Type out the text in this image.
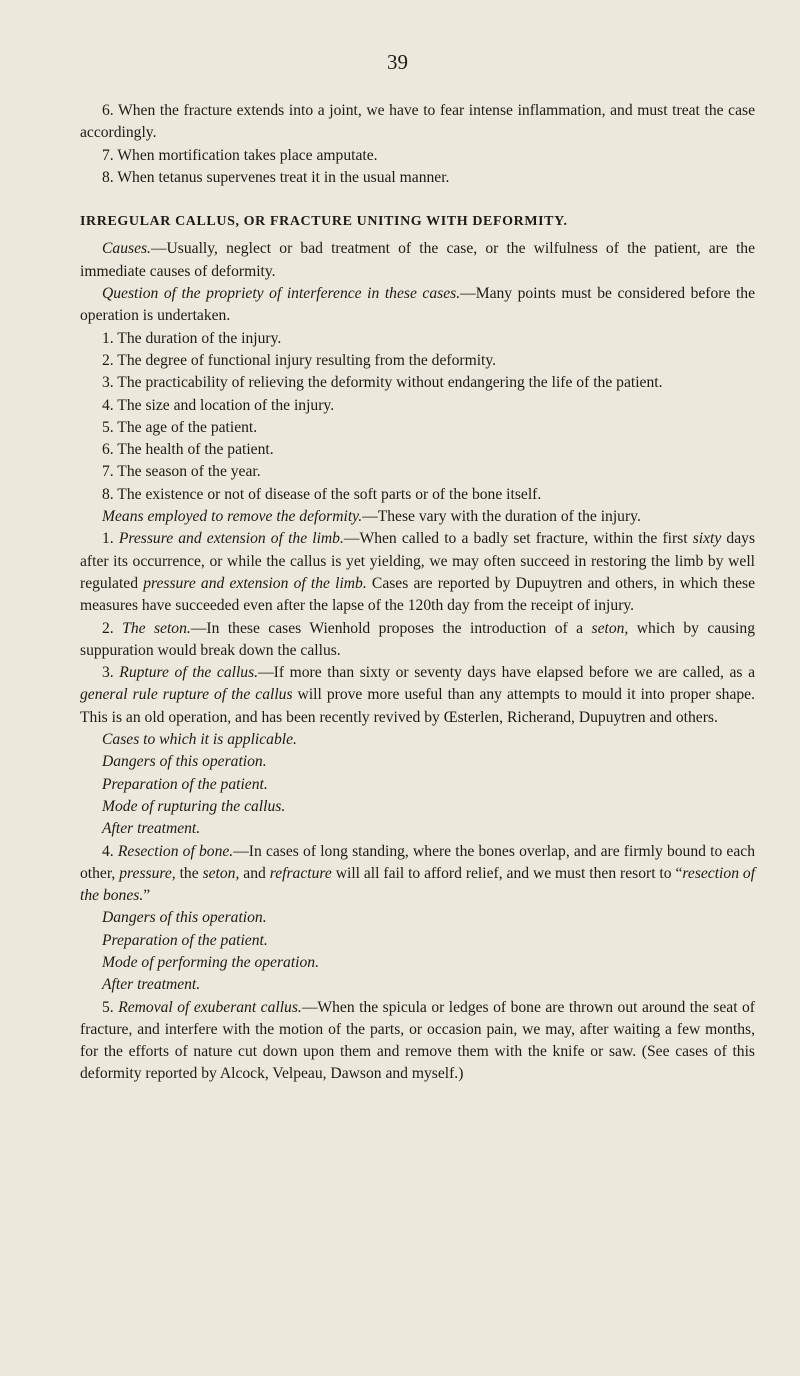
39

6. When the fracture extends into a joint, we have to fear intense inflammation, and must treat the case accordingly.

7. When mortification takes place amputate.

8. When tetanus supervenes treat it in the usual manner.

IRREGULAR CALLUS, OR FRACTURE UNITING WITH DEFORMITY.

Causes.—Usually, neglect or bad treatment of the case, or the wilfulness of the patient, are the immediate causes of deformity.

Question of the propriety of interference in these cases.—Many points must be considered before the operation is undertaken.

1. The duration of the injury.

2. The degree of functional injury resulting from the deformity.

3. The practicability of relieving the deformity without endangering the life of the patient.

4. The size and location of the injury.

5. The age of the patient.

6. The health of the patient.

7. The season of the year.

8. The existence or not of disease of the soft parts or of the bone itself.

Means employed to remove the deformity.—These vary with the duration of the injury.

1. Pressure and extension of the limb.—When called to a badly set fracture, within the first sixty days after its occurrence, or while the callus is yet yielding, we may often succeed in restoring the limb by well regulated pressure and extension of the limb. Cases are reported by Dupuytren and others, in which these measures have succeeded even after the lapse of the 120th day from the receipt of injury.

2. The seton.—In these cases Wienhold proposes the introduction of a seton, which by causing suppuration would break down the callus.

3. Rupture of the callus.—If more than sixty or seventy days have elapsed before we are called, as a general rule rupture of the callus will prove more useful than any attempts to mould it into proper shape. This is an old operation, and has been recently revived by Œsterlen, Richerand, Dupuytren and others.

Cases to which it is applicable.

Dangers of this operation.

Preparation of the patient.

Mode of rupturing the callus.

After treatment.

4. Resection of bone.—In cases of long standing, where the bones overlap, and are firmly bound to each other, pressure, the seton, and refracture will all fail to afford relief, and we must then resort to “resection of the bones.”

Dangers of this operation.

Preparation of the patient.

Mode of performing the operation.

After treatment.

5. Removal of exuberant callus.—When the spicula or ledges of bone are thrown out around the seat of fracture, and interfere with the motion of the parts, or occasion pain, we may, after waiting a few months, for the efforts of nature cut down upon them and remove them with the knife or saw. (See cases of this deformity reported by Alcock, Velpeau, Dawson and myself.)
